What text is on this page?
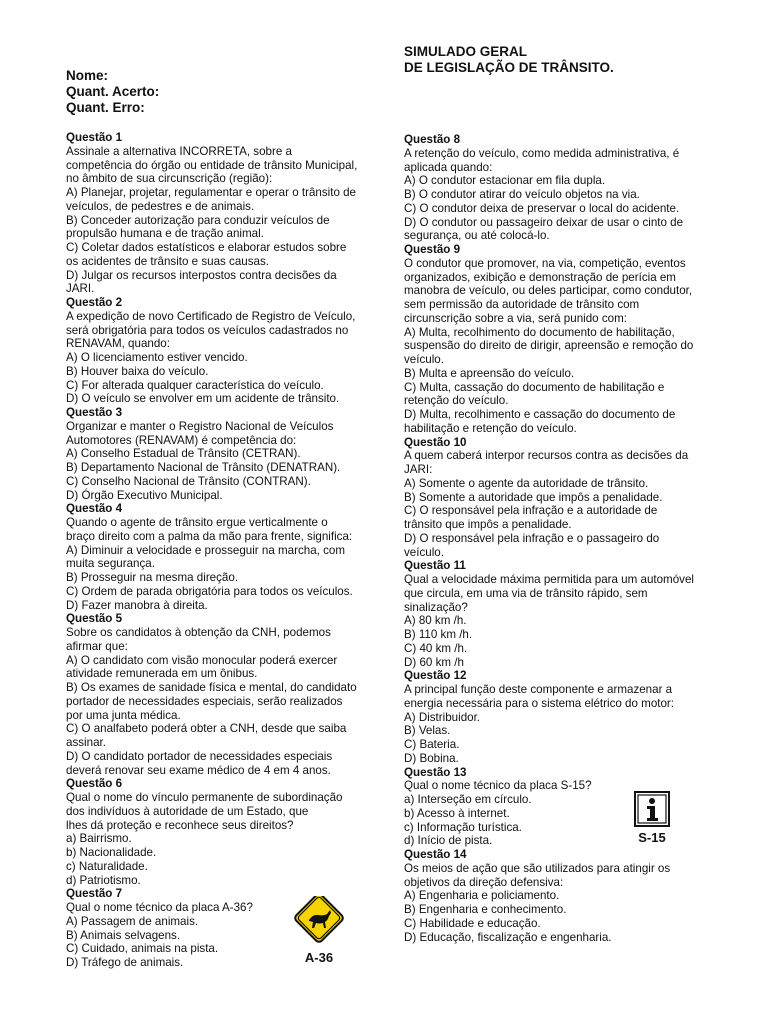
SIMULADO GERAL
DE LEGISLAÇÃO DE TRÂNSITO.
Nome:
Quant. Acerto:
Quant. Erro:
Questão 1
Assinale a alternativa INCORRETA, sobre a
competência do órgão ou entidade de trânsito Municipal,
no âmbito de sua circunscrição (região):
A) Planejar, projetar, regulamentar e operar o trânsito de
veículos, de pedestres e de animais.
B) Conceder autorização para conduzir veículos de
propulsão humana e de tração animal.
C) Coletar dados estatísticos e elaborar estudos sobre
os acidentes de trânsito e suas causas.
D) Julgar os recursos interpostos contra decisões da
JARI.
Questão 2
A expedição de novo Certificado de Registro de Veículo,
será obrigatória para todos os veículos cadastrados no
RENAVAM, quando:
A) O licenciamento estiver vencido.
B) Houver baixa do veículo.
C) For alterada qualquer característica do veículo.
D) O veículo se envolver em um acidente de trânsito.
Questão 3
Organizar e manter o Registro Nacional de Veículos
Automotores (RENAVAM) é competência do:
A) Conselho Estadual de Trânsito (CETRAN).
B) Departamento Nacional de Trânsito (DENATRAN).
C) Conselho Nacional de Trânsito (CONTRAN).
D) Órgão Executivo Municipal.
Questão 4
Quando o agente de trânsito ergue verticalmente o
braço direito com a palma da mão para frente, significa:
A) Diminuir a velocidade e prosseguir na marcha, com
muita segurança.
B) Prosseguir na mesma direção.
C) Ordem de parada obrigatória para todos os veículos.
D) Fazer manobra à direita.
Questão 5
Sobre os candidatos à obtenção da CNH, podemos
afirmar que:
A) O candidato com visão monocular poderá exercer
atividade remunerada em um ônibus.
B) Os exames de sanidade física e mental, do candidato
portador de necessidades especiais, serão realizados
por uma junta médica.
C) O analfabeto poderá obter a CNH, desde que saiba
assinar.
D) O candidato portador de necessidades especiais
deverá renovar seu exame médico de 4 em 4 anos.
Questão 6
Qual o nome do vínculo permanente de subordinação
dos indivíduos à autoridade de um Estado, que
lhes dá proteção e reconhece seus direitos?
a) Bairrismo.
b) Nacionalidade.
c) Naturalidade.
d) Patriotismo.
Questão 7
Qual o nome técnico da placa A-36?
A) Passagem de animais.
B) Animais selvagens.
C) Cuidado, animais na pista.
D) Tráfego de animais.
Questão 8
A retenção do veículo, como medida administrativa, é
aplicada quando:
A) O condutor estacionar em fila dupla.
B) O condutor atirar do veículo objetos na via.
C) O condutor deixa de preservar o local do acidente.
D) O condutor ou passageiro deixar de usar o cinto de
segurança, ou até colocá-lo.
Questão 9
O condutor que promover, na via, competição, eventos
organizados, exibição e demonstração de perícia em
manobra de veículo, ou deles participar, como condutor,
sem permissão da autoridade de trânsito com
circunscrição sobre a via, será punido com:
A) Multa, recolhimento do documento de habilitação,
suspensão do direito de dirigir, apreensão e remoção do
veículo.
B) Multa e apreensão do veículo.
C) Multa, cassação do documento de habilitação e
retenção do veículo.
D) Multa, recolhimento e cassação do documento de
habilitação e retenção do veículo.
Questão 10
A quem caberá interpor recursos contra as decisões da
JARI:
A) Somente o agente da autoridade de trânsito.
B) Somente a autoridade que impôs a penalidade.
C) O responsável pela infração e a autoridade de
trânsito que impôs a penalidade.
D) O responsável pela infração e o passageiro do
veículo.
Questão 11
Qual a velocidade máxima permitida para um automóvel
que circula, em uma via de trânsito rápido, sem
sinalização?
A) 80 km /h.
B) 110 km /h.
C) 40 km /h.
D) 60 km /h
Questão 12
A principal função deste componente e armazenar a
energia necessária para o sistema elétrico do motor:
A) Distribuidor.
B) Velas.
C) Bateria.
D) Bobina.
Questão 13
Qual o nome técnico da placa S-15?
a) Interseção em círculo.
b) Acesso à internet.
c) Informação turística.
d) Início de pista.
Questão 14
Os meios de ação que são utilizados para atingir os
objetivos da direção defensiva:
A) Engenharia e policiamento.
B) Engenharia e conhecimento.
C) Habilidade e educação.
D) Educação, fiscalização e engenharia.
A-36
S-15
